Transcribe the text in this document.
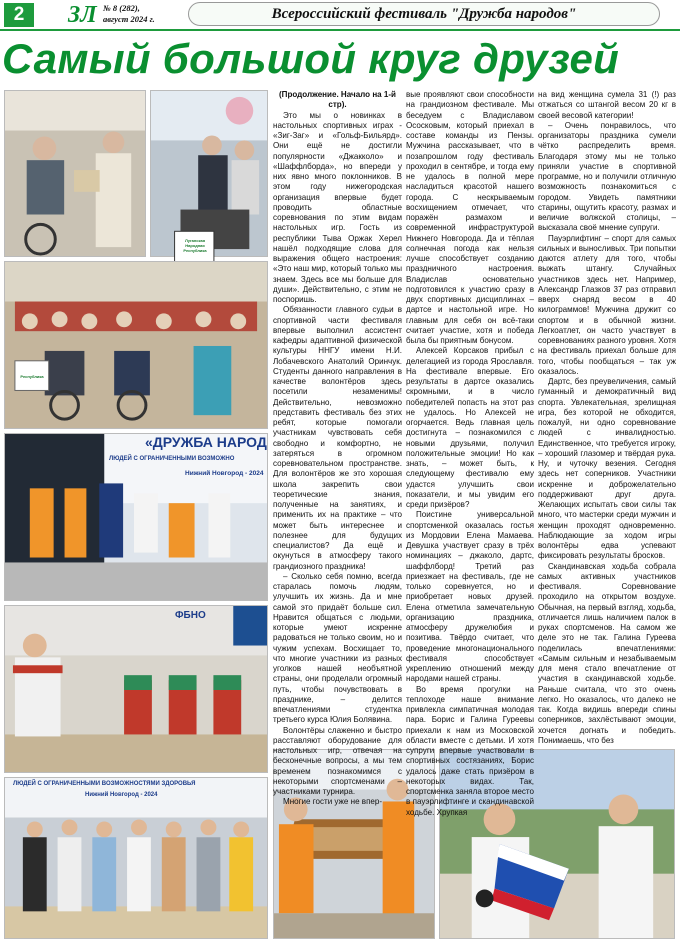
2	ЗЛ № 8 (282),
август 2024 г.	Всероссийский фестиваль "Дружба народов"
Самый большой круг друзей
Луганская Народная Республика
Республика
«ДРУЖБА НАРОД
ЛЮДЕЙ С ОГРАНИЧЕННЫМИ ВОЗМОЖНО
Нижний Новгород - 2024
ФБНО
ЛЮДЕЙ С ОГРАНИЧЕННЫМИ ВОЗМОЖНОСТЯМИ ЗДОРОВЬЯ
Нижний Новгород - 2024

(Продолжение. Начало на 1-й стр).

Это мы о новинках в настольных спортивных играх - «Зиг-Заг» и «Гольф-Бильярд». Они ещё не достигли популярности «Джакколо» и «Шаффлборда», но впереди у них явно много поклонников. В этом году нижегородская организация впервые будет проводить областные соревнования по этим видам настольных игр. Гость из республики Тыва Оржак Херел нашёл подходящие слова для выражения общего настроения: «Это наш мир, который только мы знаем. Здесь все мы больше для души». Действительно, с этим не поспоришь.

Обязанности главного судьи в спортивной части фестиваля впервые выполнил ассистент кафедры адаптивной физической культуры ННГУ имени Н.И. Лобачевского Анатолий Оринчук. Студенты данного направления в качестве волонтёров здесь посетили незаменимы! Действительно, невозможно представить фестиваль без этих ребят, которые помогали участникам чувствовать себя свободно и комфортно, не затеряться в огромном соревновательном пространстве. Для волонтёров же это хорошая школа закрепить свои теоретические знания, полученные на занятиях, и применить их на практике – что может быть интереснее и полезнее для будущих специалистов? Да ещё и окунуться в атмосферу такого грандиозного праздника!

– Сколько себя помню, всегда старалась помочь людям, улучшить их жизнь. Да и мне самой это придаёт больше сил. Нравится общаться с людьми, которые умеют искренне радоваться не только своим, но и чужим успехам. Восхищает то, что многие участники из разных уголков нашей необъятной страны, они проделали огромный путь, чтобы почувствовать в празднике, – делится впечатлениями студентка третьего курса Юлия Болявина.

Волонтёры слаженно и быстро расставляют оборудование для настольных игр, отвечая на бесконечные вопросы, а мы тем временем познакомимся с некоторыми спортсменами – участниками турнира.

Многие гости уже не впер-

вые проявляют свои способности на грандиозном фестивале. Мы беседуем с Владиславом Ососковым, который приехал в составе команды из Пензы. Мужчина рассказывает, что в позапрошлом году фестиваль проходил в сентябре, и тогда ему не удалось в полной мере насладиться красотой нашего города. С нескрываемым восхищением отмечает, что поражён размахом и современной инфраструктурой Нижнего Новгорода. Да и тёплая солнечная погода как нельзя лучше способствует созданию праздничного настроения. Владислав основательно подготовился к участию сразу в двух спортивных дисциплинах – дартсе и настольной игре. Но главным для себя он всё-таки считает участие, хотя и победа была бы приятным бонусом.

Алексей Корсаков прибыл с делегацией из города Ярославля. На фестивале впервые. Его результаты в дартсе оказались скромными, и в число победителей попасть на этот раз не удалось. Но Алексей не огорчается. Ведь главная цель достигнута – познакомился с новыми друзьями, получил положительные эмоции! Но как знать, – может быть, к следующему фестивалю ему удастся улучшить свои показатели, и мы увидим его среди призёров?

Поистине универсальной спортсменкой оказалась гостья из Мордовии Елена Мамаева. Девушка участвует сразу в трёх номинациях – джаколо, дартс, шаффлборд! Третий раз приезжает на фестиваль, где не только соревнуется, но и приобретает новых друзей. Елена отметила замечательную организацию праздника, атмосферу дружелюбия и позитива. Твёрдо считает, что проведение многонационального фестиваля способствует укреплению отношений между народами нашей страны.

Во время прогулки на теплоходе наше внимание привлекла симпатичная молодая пара. Борис и Галина Гуреевы приехали к нам из Московской области вместе с детьми. И хотя супруги впервые участвовали в спортивных состязаниях, Борис удалось даже стать призёром в некоторых видах. Так, спортсменка заняла второе место в пауэрлифтинге и скандинавской ходьбе. Хрупкая

на вид женщина сумела 31 (!) раз отжаться со штангой весом 20 кг в своей весовой категории!

– Очень понравилось, что организаторы праздника сумели чётко распределить время. Благодаря этому мы не только приняли участие в спортивной программе, но и получили отличную возможность познакомиться с городом. Увидеть памятники старины, ощутить красоту, размах и величие волжской столицы, – высказала своё мнение супруги.

Пауэрлифтинг – спорт для самых сильных и выносливых. Три попытки даются атлету для того, чтобы выжать штангу. Случайных участников здесь нет. Например, Александр Глазков 37 раз отправил вверх снаряд весом в 40 килограммов! Мужчина дружит со спортом и в обычной жизни. Легкоатлет, он часто участвует в соревнованиях разного уровня. Хотя на фестиваль приехал больше для того, чтобы пообщаться – так уж оказалось.

Дартс, без преувеличения, самый гуманный и демократичный вид спорта. Увлекательная, зрелищная игра, без которой не обходится, пожалуй, ни одно соревнование людей с инвалидностью. Единственное, что требуется игроку, – хороший глазомер и твёрдая рука. Ну, и чуточку везения. Сегодня здесь нет соперников. Участники искренне и доброжелательно поддерживают друг друга. Желающих испытать свои силы так много, что мастерки среди мужчин и женщин проходят одновременно. Наблюдающие за ходом игры волонтёры едва успевают фиксировать результаты бросков.

Скандинавская ходьба собрала самых активных участников фестиваля. Соревнование проходило на открытом воздухе. Обычная, на первый взгляд, ходьба, отличается лишь наличием палок в руках спортсменов. На самом же деле это не так. Галина Гуреева поделилась впечатлениями: «Самым сильным и незабываемым для меня стало впечатление от участия в скандинавской ходьбе. Раньше считала, что это очень легко. Но оказалось, что далеко не так. Когда видишь впереди спины соперников, захлёстывают эмоции, хочется догнать и победить. Понимаешь, что без
